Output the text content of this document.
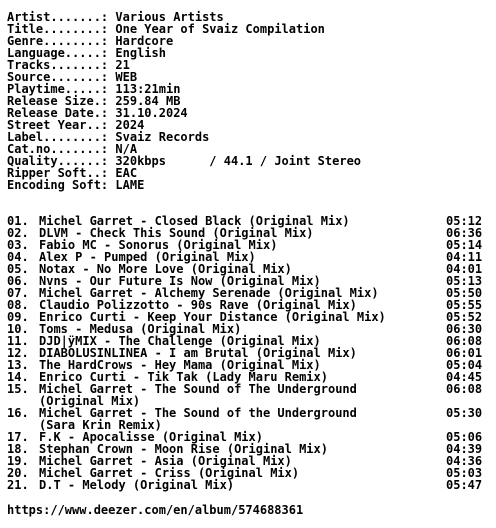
Artist.......: Various Artists
Title........: One Year of Svaiz Compilation
Genre........: Hardcore
Language.....: English
Tracks.......: 21
Source.......: WEB
Playtime.....: 113:21min
Release Size.: 259.84 MB
Release Date.: 31.10.2024
Street Year..: 2024
Label........: Svaiz Records
Cat.no.......: N/A
Quality......: 320kbps      / 44.1 / Joint Stereo
Ripper Soft..: EAC
Encoding Soft: LAME
01. Michel Garret - Closed Black (Original Mix)	05:12
02. DLVM - Check This Sound (Original Mix)	06:36
03. Fabio MC - Sonorus (Original Mix)	05:14
04. Alex P - Pumped (Original Mix)	04:11
05. Notax - No More Love (Original Mix)	04:01
06. Nvns - Our Future Is Now (Original Mix)	05:13
07. Michel Garret - Alchemy Serenade (Original Mix)	05:50
08. Claudio Polizzotto - 90s Rave (Original Mix)	05:55
09. Enrico Curti - Keep Your Distance (Original Mix)	05:52
10. Toms - Medusa (Original Mix)	06:30
11. DJD|ÿMIX - The Challenge (Original Mix)	06:08
12. DIABOLUSINLINEA - I am Brutal (Original Mix)	06:01
13. The HardCrows - Hey Mama (Original Mix)	05:04
14. Enrico Curti - Tik Tak (Lady Maru Remix)	04:45
15. Michel Garret - The Sound of The Underground	06:08
(Original Mix)
16. Michel Garret - The Sound of the Underground	05:30
(Sara Krin Remix)
17. F.K - Apocalisse (Original Mix)	05:06
18. Stephan Crown - Moon Rise (Original Mix)	04:39
19. Michel Garret - Asia (Original Mix)	04:36
20. Michel Garret - Criss (Original Mix)	05:03
21. D.T - Melody (Original Mix)	05:47
https://www.deezer.com/en/album/574688361
